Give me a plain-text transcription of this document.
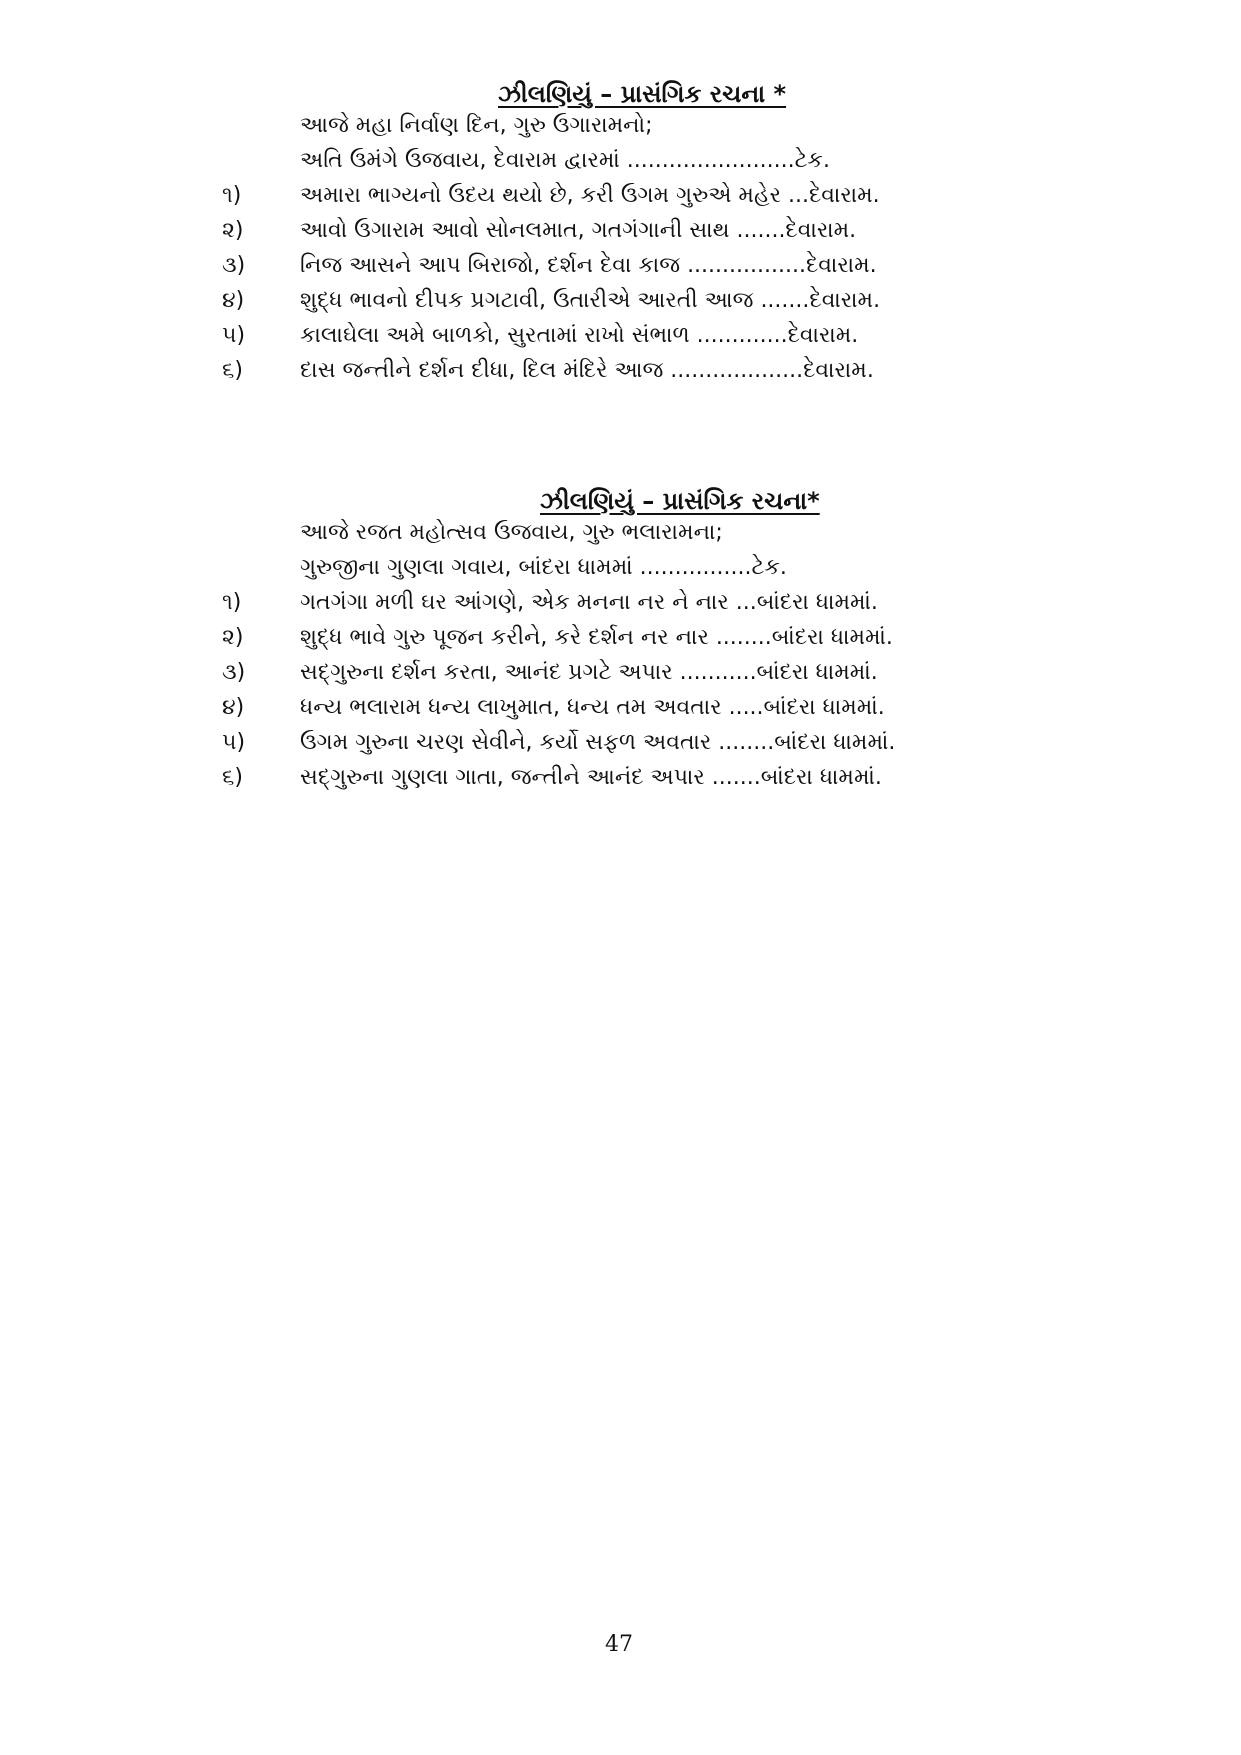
ઝીલણિયું – પ્રાસંગિક રચના *

આજે મહા નિર્વાણ દિન, ગુરુ ઉગારામનો;

અતિ ઉમંગે ઉજવાય, દેવારામ દ્વારમાં ........................ટેક.

૧)	અમારા ભાગ્યનો ઉદય થયો છે, કરી ઉગમ ગુરુએ મહેર ...દેવારામ.

૨)	આવો ઉગારામ આવો સોનલમાત, ગતગંગાની સાથ .......દેવારામ.

૩) નિજ આસને આપ બિરાજો, દર્શન દેવા કાજ .................દેવારામ.

૪)	શુદ્ધ ભાવનો દીપક પ્રગટાવી, ઉતારીએ આરતી આજ .......દેવારામ.

૫) કાલાઘેલા અમે બાળકો, સુરતામાં રાખો સંભાળ .............દેવારામ.

૬)	દાસ જન્તીને દર્શન દીધા, દિલ મંદિરે આજ ...................દેવારામ.

ઝીલણિયું – પ્રાસંગિક રચના*

આજે રજત મહોત્સવ ઉજવાય, ગુરુ ભલારામના;

ગુરુજીના ગુણલા ગવાય, બાંદરા ધામમાં ................ટેક.

૧)	ગતગંગા મળી ઘર આંગણે, એક મનના નર ને નાર ...બાંદરા ધામમાં.

૨)	શુદ્ધ ભાવે ગુરુ પૂજન કરીને, કરે દર્શન નર નાર ........બાંદરા ધામમાં.

૩) સદ્‌ગુરુના દર્શન કરતા, આનંદ પ્રગટે અપાર ...........બાંદરા ધામમાં.

૪)	ધન્ય ભલારામ ધન્ય લાખુમાત, ધન્ય તમ અવતાર .....બાંદરા ધામમાં.

૫) ઉગમ ગુરુના ચરણ સેવીને, કર્યો સફળ અવતાર ........બાંદરા ધામમાં.

૬)	સદ્‌ગુરુના ગુણલા ગાતા, જન્તીને આનંદ અપાર .......બાંદરા ધામમાં.

47
